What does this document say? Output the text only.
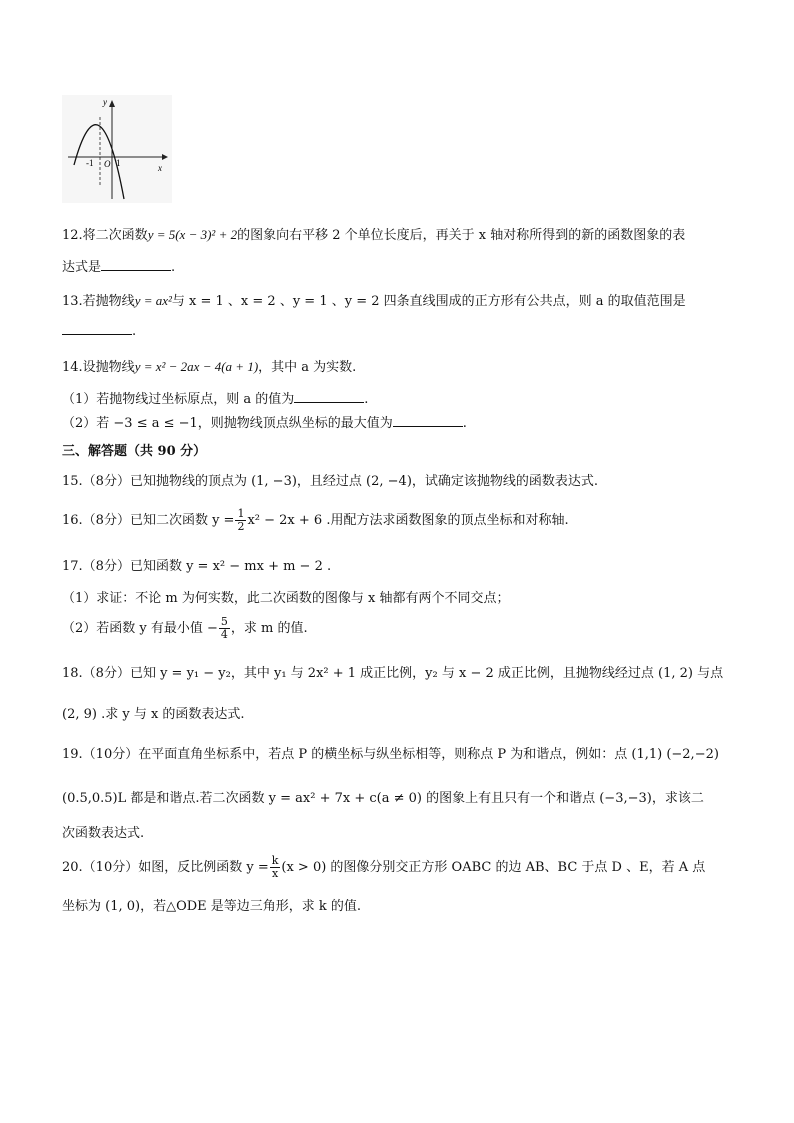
y
x
-1 O 1
12.将二次函数y = 5(x − 3)² + 2的图象向右平移 2 个单位长度后，再关于 x 轴对称所得到的新的函数图象的表
达式是	.
13.若抛物线y = ax²与 x = 1 、x = 2 、y = 1 、y = 2 四条直线围成的正方形有公共点，则 a 的取值范围是
.
14.设抛物线y = x² − 2ax − 4(a + 1)，其中 a 为实数.
（1）若抛物线过坐标原点，则 a 的值为	.
（2）若 −3 ≤ a ≤ −1，则抛物线顶点纵坐标的最大值为	.
三、解答题（共 90 分）
15.（8分）已知抛物线的顶点为 (1, −3)，且经过点 (2, −4)，试确定该抛物线的函数表达式.
16.（8分）已知二次函数 $y = \frac{1}{2} x^2 - 2x + 6$ .用配方法求函数图象的顶点坐标和对称轴.
17.（8分）已知函数 y = x² − mx + m − 2 .
（1）求证：不论 m 为何实数，此二次函数的图像与 x 轴都有两个不同交点；
（2）若函数 y 有最小值 − $\frac{5}{4}$ ，求 m 的值.
18.（8分）已知 y = y₁ − y₂，其中 y₁ 与 2x² + 1 成正比例，y₂ 与 x − 2 成正比例，且抛物线经过点 (1, 2) 与点
(2, 9) .求 y 与 x 的函数表达式.
19.（10分）在平面直角坐标系中，若点 P 的横坐标与纵坐标相等，则称点 P 为和谐点，例如：点 (1,1) (−2,−2)
(0.5,0.5)L 都是和谐点.若二次函数 y = ax² + 7x + c(a ≠ 0) 的图象上有且只有一个和谐点 (−3,−3)，求该二
次函数表达式.
20.（10分）如图，反比例函数 $y = \frac{k}{x} (x > 0)$ 的图像分别交正方形 OABC 的边 AB、BC 于点 D 、E，若 A 点
坐标为 (1, 0)，若△ODE 是等边三角形，求 k 的值.
